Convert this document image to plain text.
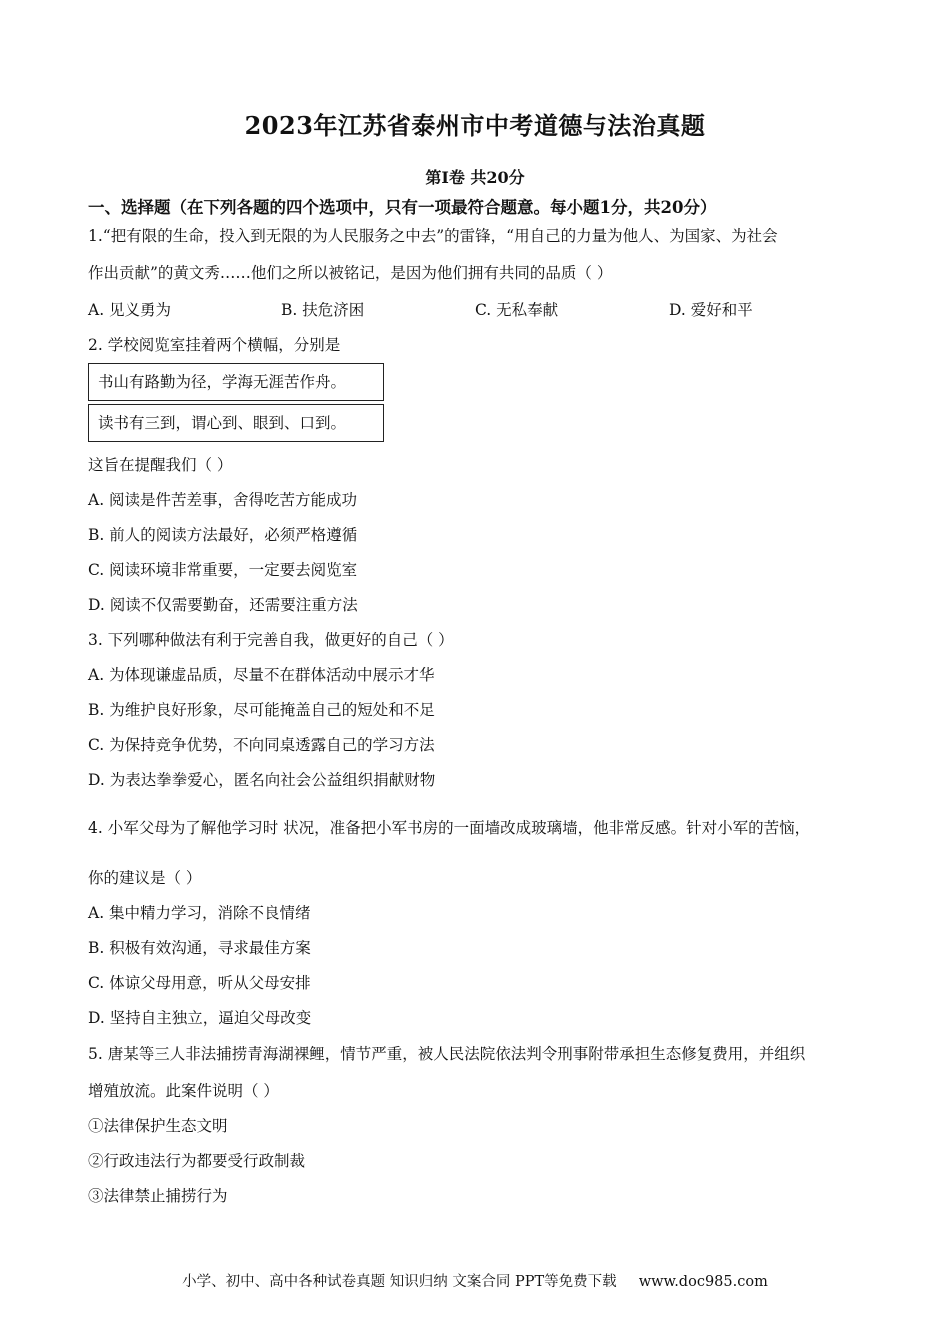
2023年江苏省泰州市中考道德与法治真题
第Ⅰ卷 共20分
一、选择题（在下列各题的四个选项中，只有一项最符合题意。每小题1分，共20分）
1.“把有限的生命，投入到无限的为人民服务之中去”的雷锋，“用自己的力量为他人、为国家、为社会
作出贡献”的黄文秀……他们之所以被铭记，是因为他们拥有共同的品质（ ）
A. 见义勇为	B. 扶危济困	C. 无私奉献	D. 爱好和平
2. 学校阅览室挂着两个横幅，分别是
书山有路勤为径，学海无涯苦作舟。
读书有三到，谓心到、眼到、口到。
这旨在提醒我们（ ）
A. 阅读是件苦差事，舍得吃苦方能成功
B. 前人的阅读方法最好，必须严格遵循
C. 阅读环境非常重要，一定要去阅览室
D. 阅读不仅需要勤奋，还需要注重方法
3. 下列哪种做法有利于完善自我，做更好的自己（ ）
A. 为体现谦虚品质，尽量不在群体活动中展示才华
B. 为维护良好形象，尽可能掩盖自己的短处和不足
C. 为保持竞争优势，不向同桌透露自己的学习方法
D. 为表达拳拳爱心，匿名向社会公益组织捐献财物
4. 小军父母为了解他学习时 状况，准备把小军书房的一面墙改成玻璃墙，他非常反感。针对小军的苦恼，
你的建议是（ ）
A. 集中精力学习，消除不良情绪
B. 积极有效沟通，寻求最佳方案
C. 体谅父母用意，听从父母安排
D. 坚持自主独立，逼迫父母改变
5. 唐某等三人非法捕捞青海湖裸鲤，情节严重，被人民法院依法判令刑事附带承担生态修复费用，并组织
增殖放流。此案件说明（ ）
①法律保护生态文明
②行政违法行为都要受行政制裁
③法律禁止捕捞行为
小学、初中、高中各种试卷真题 知识归纳 文案合同 PPT等免费下载 www.doc985.com
